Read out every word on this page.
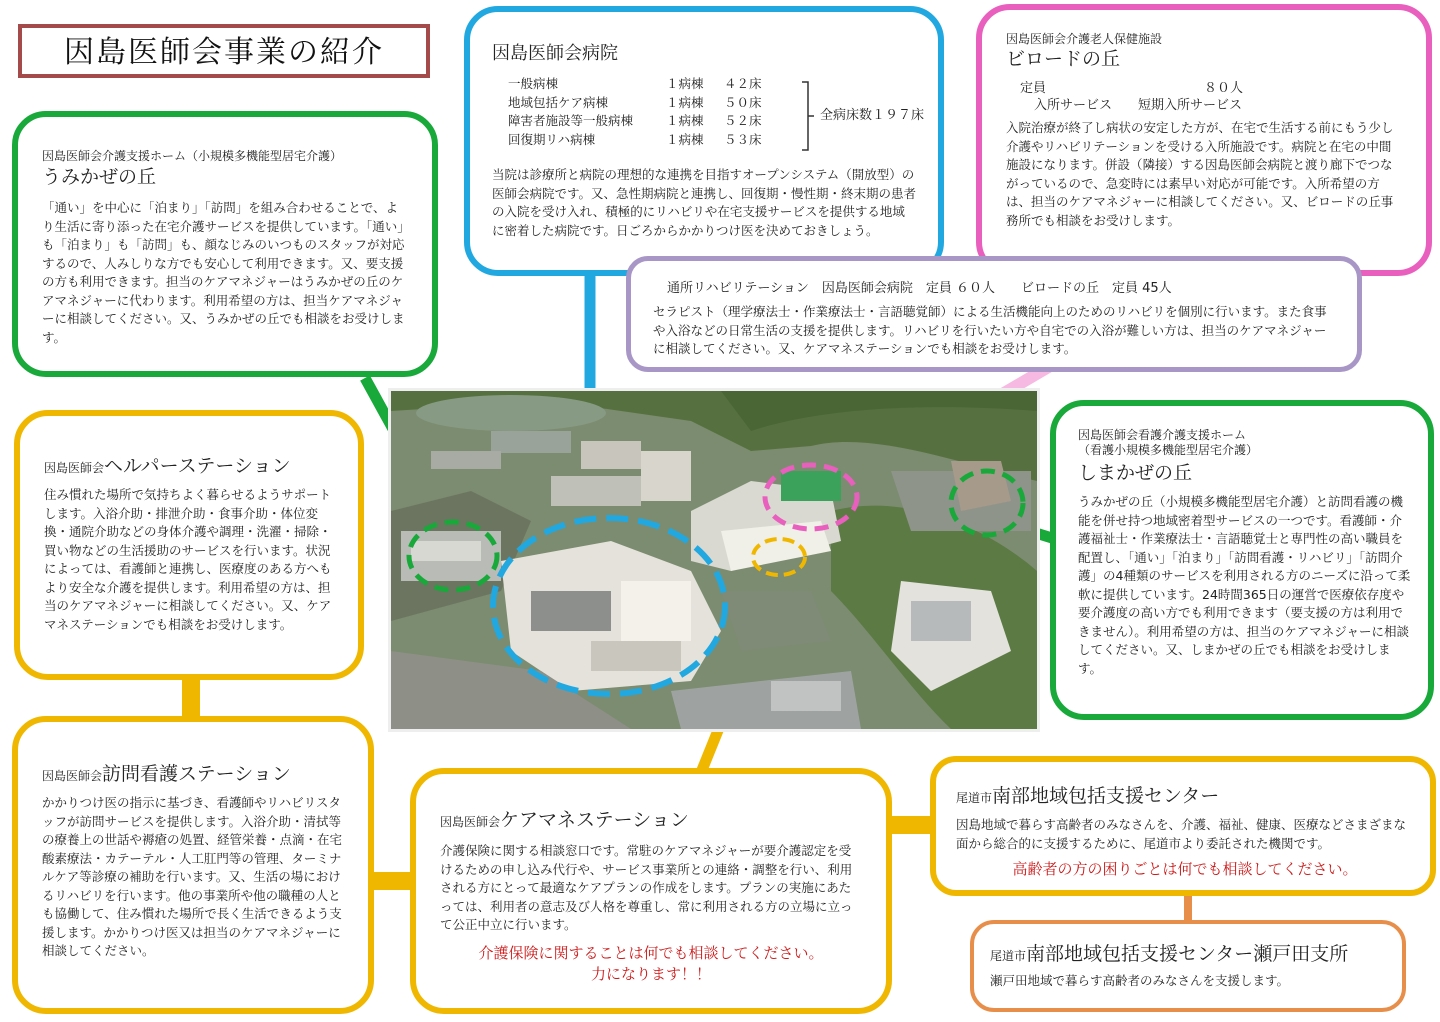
因島医師会事業の紹介
因島医師会介護支援ホーム（小規模多機能型居宅介護）
うみかぜの丘
「通い」を中心に「泊まり」「訪問」を組み合わせることで、より生活に寄り添った在宅介護サービスを提供しています。「通い」も「泊まり」も「訪問」も、顔なじみのいつものスタッフが対応するので、人みしりな方でも安心して利用できます。又、要支援の方も利用できます。担当のケアマネジャーはうみかぜの丘のケアマネジャーに代わります。利用希望の方は、担当ケアマネジャーに相談してください。又、うみかぜの丘でも相談をお受けします。
因島医師会病院
一般病棟	１病棟	４２床
地域包括ケア病棟	１病棟	５０床
障害者施設等一般病棟	１病棟	５２床
回復期リハ病棟	１病棟	５３床
全病床数１９７床
当院は診療所と病院の理想的な連携を目指すオープンシステム（開放型）の医師会病院です。又、急性期病院と連携し、回復期・慢性期・終末期の患者の入院を受け入れ、積極的にリハビリや在宅支援サービスを提供する地域に密着した病院です。日ごろからかかりつけ医を決めておきしょう。
因島医師会介護老人保健施設
ビロードの丘
定員	８０人
入所サービス　　短期入所サービス
入院治療が終了し病状の安定した方が、在宅で生活する前にもう少し介護やリハビリテーションを受ける入所施設です。病院と在宅の中間施設になります。併設（隣接）する因島医師会病院と渡り廊下でつながっているので、急変時には素早い対応が可能です。入所希望の方は、担当のケアマネジャーに相談してください。又、ビロードの丘事務所でも相談をお受けします。
通所リハビリテーション　因島医師会病院　定員 ６０人　　ビロードの丘　定員 45人
セラピスト（理学療法士・作業療法士・言語聴覚師）による生活機能向上のためのリハビリを個別に行います。また食事や入浴などの日常生活の支援を提供します。リハビリを行いたい方や自宅での入浴が難しい方は、担当のケアマネジャーに相談してください。又、ケアマネステーションでも相談をお受けします。
因島医師会ヘルパーステーション
住み慣れた場所で気持ちよく暮らせるようサポートします。入浴介助・排泄介助・食事介助・体位変換・通院介助などの身体介護や調理・洗濯・掃除・買い物などの生活援助のサービスを行います。状況によっては、看護師と連携し、医療度のある方へもより安全な介護を提供します。利用希望の方は、担当のケアマネジャーに相談してください。又、ケアマネステーションでも相談をお受けします。
因島医師会看護介護支援ホーム
（看護小規模多機能型居宅介護）
しまかぜの丘
うみかぜの丘（小規模多機能型居宅介護）と訪問看護の機能を併せ持つ地域密着型サービスの一つです。看護師・介護福祉士・作業療法士・言語聴覚士と専門性の高い職員を配置し、「通い」「泊まり」「訪問看護・リハビリ」「訪問介護」の4種類のサービスを利用される方のニーズに沿って柔軟に提供しています。24時間365日の運営で医療依存度や要介護度の高い方でも利用できます（要支援の方は利用できません）。利用希望の方は、担当のケアマネジャーに相談してください。又、しまかぜの丘でも相談をお受けします。
因島医師会訪問看護ステーション
かかりつけ医の指示に基づき、看護師やリハビリスタッフが訪問サービスを提供します。入浴介助・清拭等の療養上の世話や褥瘡の処置、経管栄養・点滴・在宅酸素療法・カテーテル・人工肛門等の管理、ターミナルケア等診療の補助を行います。又、生活の場におけるリハビリを行います。他の事業所や他の職種の人とも協働して、住み慣れた場所で長く生活できるよう支援します。かかりつけ医又は担当のケアマネジャーに相談してください。
因島医師会ケアマネステーション
介護保険に関する相談窓口です。常駐のケアマネジャーが要介護認定を受けるための申し込み代行や、サービス事業所との連絡・調整を行い、利用される方にとって最適なケアプランの作成をします。プランの実施にあたっては、利用者の意志及び人格を尊重し、常に利用される方の立場に立って公正中立に行います。
介護保険に関することは何でも相談してください。
力になります！！
尾道市南部地域包括支援センター
因島地域で暮らす高齢者のみなさんを、介護、福祉、健康、医療などさまざまな面から総合的に支援するために、尾道市より委託された機関です。
高齢者の方の困りごとは何でも相談してください。
尾道市南部地域包括支援センター瀬戸田支所
瀬戸田地域で暮らす高齢者のみなさんを支援します。
